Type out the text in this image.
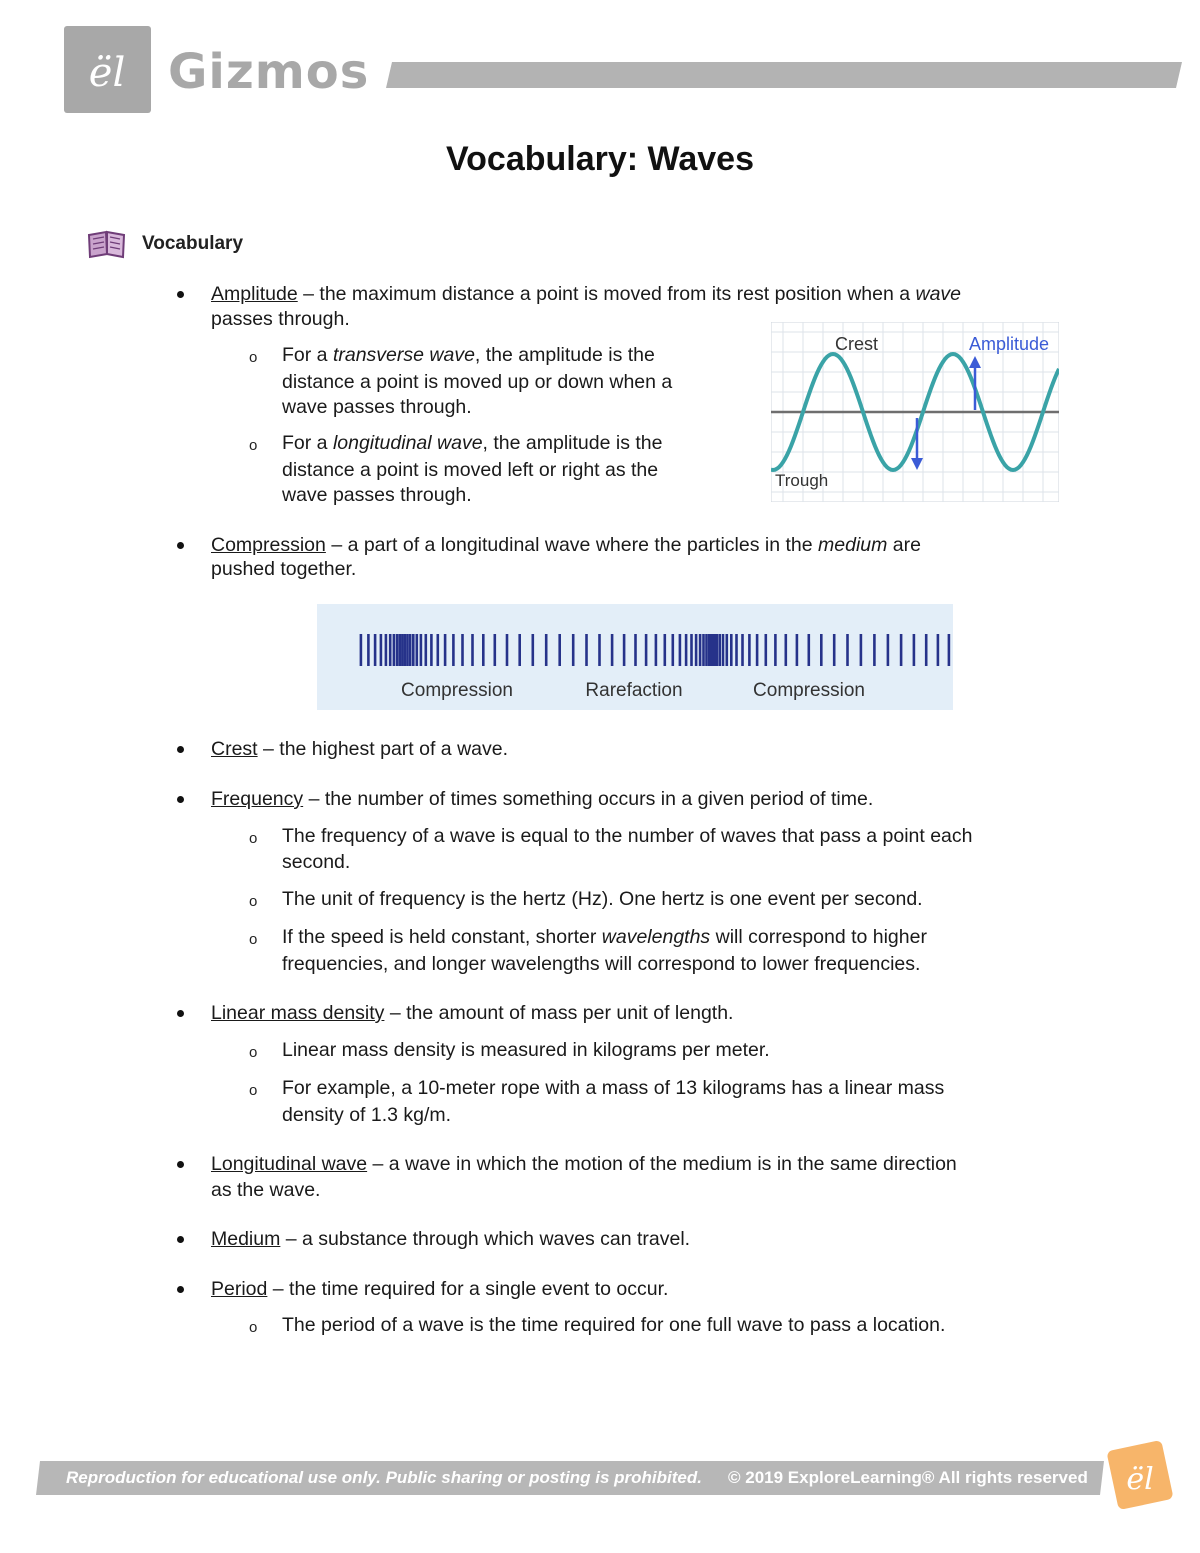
ël Gizmos
Vocabulary: Waves
Vocabulary
Amplitude – the maximum distance a point is moved from its rest position when a wave
passes through.
o For a transverse wave, the amplitude is the
distance a point is moved up or down when a
wave passes through.
o For a longitudinal wave, the amplitude is the
distance a point is moved left or right as the
wave passes through.
Compression – a part of a longitudinal wave where the particles in the medium are
pushed together.
Crest – the highest part of a wave.
Frequency – the number of times something occurs in a given period of time.
o The frequency of a wave is equal to the number of waves that pass a point each
second.
o The unit of frequency is the hertz (Hz). One hertz is one event per second.
o If the speed is held constant, shorter wavelengths will correspond to higher
frequencies, and longer wavelengths will correspond to lower frequencies.
Linear mass density – the amount of mass per unit of length.
o Linear mass density is measured in kilograms per meter.
o For example, a 10-meter rope with a mass of 13 kilograms has a linear mass
density of 1.3 kg/m.
Longitudinal wave – a wave in which the motion of the medium is in the same direction
as the wave.
Medium – a substance through which waves can travel.
Period – the time required for a single event to occur.
o The period of a wave is the time required for one full wave to pass a location.
Crest	Amplitude
Trough
Compression	Rarefaction	Compression
Reproduction for educational use only. Public sharing or posting is prohibited. © 2019 ExploreLearning® All rights reserved ël
